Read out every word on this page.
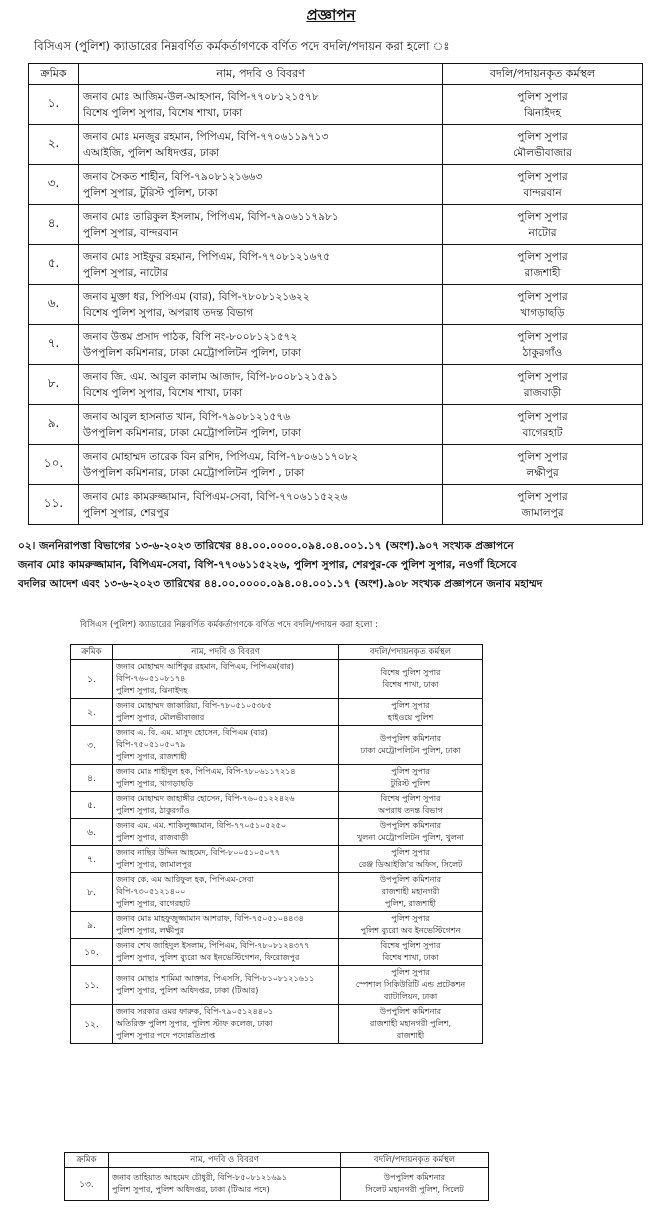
প্রজ্ঞাপন
বিসিএস (পুলিশ) ক্যাডারের নিম্নবর্ণিত কর্মকর্তাগণকে বর্ণিত পদে বদলি/পদায়ন করা হলো ঃ
ক্রমিক	নাম, পদবি ও বিবরণ	বদলি/পদায়নকৃত কর্মস্থল
১.	জনাব মোঃ আজিম-উল-আহসান, বিপি-৭৭০৮১২১৫৭৮
বিশেষ পুলিশ সুপার, বিশেষ শাখা, ঢাকা	পুলিশ সুপার
ঝিনাইদহ

২.	জনাব মোঃ মনজুর রহমান, পিপিএম, বিপি-৭৭০৬১১৯৭১৩
এআইজি, পুলিশ অধিদপ্তর, ঢাকা	পুলিশ সুপার
মৌলভীবাজার

৩.	জনাব সৈকত শাহীন, বিপি-৭৯০৮১২১৬৬৩
পুলিশ সুপার, টুরিস্ট পুলিশ, ঢাকা	পুলিশ সুপার
বান্দরবান

৪.	জনাব মোঃ তারিকুল ইসলাম, পিপিএম, বিপি-৭৯০৬১১৭৯৮১
পুলিশ সুপার, বান্দরবান	পুলিশ সুপার
নাটোর

৫.	জনাব মোঃ সাইফুর রহমান, পিপিএম, বিপি-৭৭০৮১২১৬৭৫
পুলিশ সুপার, নাটোর	পুলিশ সুপার
রাজশাহী

৬.	জনাব মুক্তা ধর, পিপিএম (বার), বিপি-৭৮০৮১২১৬২২
বিশেষ পুলিশ সুপার, অপরাধ তদন্ত বিভাগ	পুলিশ সুপার
খাগড়াছড়ি

৭.	জনাব উত্তম প্রসাদ পাঠক, বিপি নং-৮০০৮১২১৫৭২
উপপুলিশ কমিশনার, ঢাকা মেট্রোপলিটন পুলিশ, ঢাকা	পুলিশ সুপার
ঠাকুরগাঁও

৮.	জনাব জি. এম. আবুল কালাম আজাদ, বিপি-৮০০৮১২১৫৯১
বিশেষ পুলিশ সুপার, বিশেষ শাখা, ঢাকা	পুলিশ সুপার
রাজবাড়ী

৯.	জনাব আবুল হাসনাত খান, বিপি-৭৯০৮১২১৫৭৬
উপপুলিশ কমিশনার, ঢাকা মেট্রোপলিটন পুলিশ, ঢাকা	পুলিশ সুপার
বাগেরহাট

১০.	জনাব মোহাম্মদ তারেক বিন রশিদ, পিপিএম, বিপি-৭৮০৬১১৭০৮২
উপপুলিশ কমিশনার, ঢাকা মেট্রোপলিটন পুলিশ , ঢাকা	পুলিশ সুপার
লক্ষীপুর

১১.	জনাব মোঃ কামরুজ্জামান, বিপিএম-সেবা, বিপি-৭৭০৬১১৫২২৬
পুলিশ সুপার, শেরপুর	পুলিশ সুপার
জামালপুর
০২। জননিরাপত্তা বিভাগের ১৩-৬-২০২৩ তারিখের ৪৪.০০.০০০০.০৯৪.০৪.০০১.১৭ (অংশ).৯০৭ সংখ্যক প্রজ্ঞাপনে
জনাব মোঃ কামরুজ্জামান, বিপিএম-সেবা, বিপি-৭৭০৬১১৫২২৬, পুলিশ সুপার, শেরপুর-কে পুলিশ সুপার, নওগাঁ হিসেবে
বদলির আদেশ এবং ১৩-৬-২০২৩ তারিখের ৪৪.০০.০০০০.০৯৪.০৪.০০১.১৭ (অংশ).৯০৮ সংখ্যক প্রজ্ঞাপনে জনাব মহাম্মদ
বিসিএস (পুলিশ) ক্যাডারের নিম্নবর্ণিত কর্মকর্তাগণকে বর্ণিত পদে বদলি/পদায়ন করা হলো :
ক্রমিক	নাম, পদবি ও বিবরণ	বদলি/পদায়নকৃত কর্মস্থল
১.	জনাব মোহাম্মদ আশিকুর রহমান, বিপিএম, পিপিএম(বার)
বিপি-৭৬০৫১০৮১৭৪
পুলিশ সুপার, ঝিনাইদহ	বিশেষ পুলিশ সুপার
বিশেষ শাখা, ঢাকা

২.	জনাব মোহাম্মদ জাকারিয়া, বিপি-৭৮০৫১০৫৩৮৫
পুলিশ সুপার, মৌলভীবাজার	পুলিশ সুপার
হাইওয়ে পুলিশ

৩.	জনাব এ. বি. এম. মাসুদ হোসেন, বিপিএম (বার)
বিপি-৭৫০৫১০৫০৭৯
পুলিশ সুপার, রাজশাহী	উপপুলিশ কমিশনার
ঢাকা মেট্রোপলিটন পুলিশ, ঢাকা

৪.	জনাব মোঃ শাহীদুল হক, পিপিএম, বিপি-৭৮০৬১১৭২১৪
পুলিশ সুপার, খাগড়াছড়ি	পুলিশ সুপার
টুরিস্ট পুলিশ

৫.	জনাব মোহাম্মদ জাহাঙ্গীর হোসেন, বিপি-৭৬০৫১২২৪২৬
পুলিশ সুপার, ঠাকুরগাঁও	বিশেষ পুলিশ সুপার
অপরাধ তদন্ত বিভাগ

৬.	জনাব এম. এম. শাকিলুজ্জামান, বিপি-৭৭০৫১০৫২৫০
পুলিশ সুপার, রাজবাড়ী	উপপুলিশ কমিশনার
খুলনা মেট্রোপলিটন পুলিশ, খুলনা

৭.	জনাব নাছির উদ্দিন আহমেদ, বিপি-৮০০৫১০৫০৭৭
পুলিশ সুপার, জামালপুর	পুলিশ সুপার
রেঞ্জ ডিআইজি'র অফিস, সিলেট

৮.	জনাব কে. এম আরিফুল হক, পিপিএম-সেবা
বিপি-৭৩০৫১২১৪০০
পুলিশ সুপার, বাগেরহাট	উপপুলিশ কমিশনার
রাজশাহী মহানগরী
পুলিশ, রাজশাহী

৯.	জনাব মোঃ মাহফুজুজ্জামান আশরাফ, বিপি-৭৫০৫১০৪৪৩৪
পুলিশ সুপার, লক্ষীপুর	পুলিশ সুপার
পুলিশ ব্যুরো অব ইনভেস্টিগেশন

১০.	জনাব শেখ জাহিদুল ইসলাম, পিপিএম, বিপি-৭৮০৮১২৪৩৭৭
পুলিশ সুপার, পুলিশ ব্যুরো অব ইনভেস্টিগেশন, ফিরোজপুর	বিশেষ পুলিশ সুপার
বিশেষ শাখা, ঢাকা

১১.	জনাব মোছাঃ শামিমা আক্তার, পিএসসি, বিপি-৮১০৮১২১৬১১
পুলিশ সুপার, পুলিশ অধিদপ্তর, ঢাকা (টিআর)	পুলিশ সুপার
স্পেশাল সিকিউরিটি এন্ড প্রটেকশন
ব্যাটালিয়ন, ঢাকা

১২.	জনাব সরকার ওমর ফারুক, বিপি-৭৯০৫১২৪৪০১
অতিরিক্ত পুলিশ সুপার, পুলিশ স্টাফ কলেজ, ঢাকা
পুলিশ সুপার পদে পদোন্নতিপ্রাপ্ত	উপপুলিশ কমিশনার
রাজশাহী মহানগরী পুলিশ,
রাজশাহী
ক্রমিক	নাম, পদবি ও বিবরণ	বদলি/পদায়নকৃত কর্মস্থল
১৩.	জনাব তাহিয়াত আহমেদ চৌধুরী, বিপি-৮৫০৮১২১৬৯১
পুলিশ সুপার, পুলিশ অধিদপ্তর, ঢাকা (টিআর পদে)	উপপুলিশ কমিশনার
সিলেট মহানগরী পুলিশ, সিলেট
